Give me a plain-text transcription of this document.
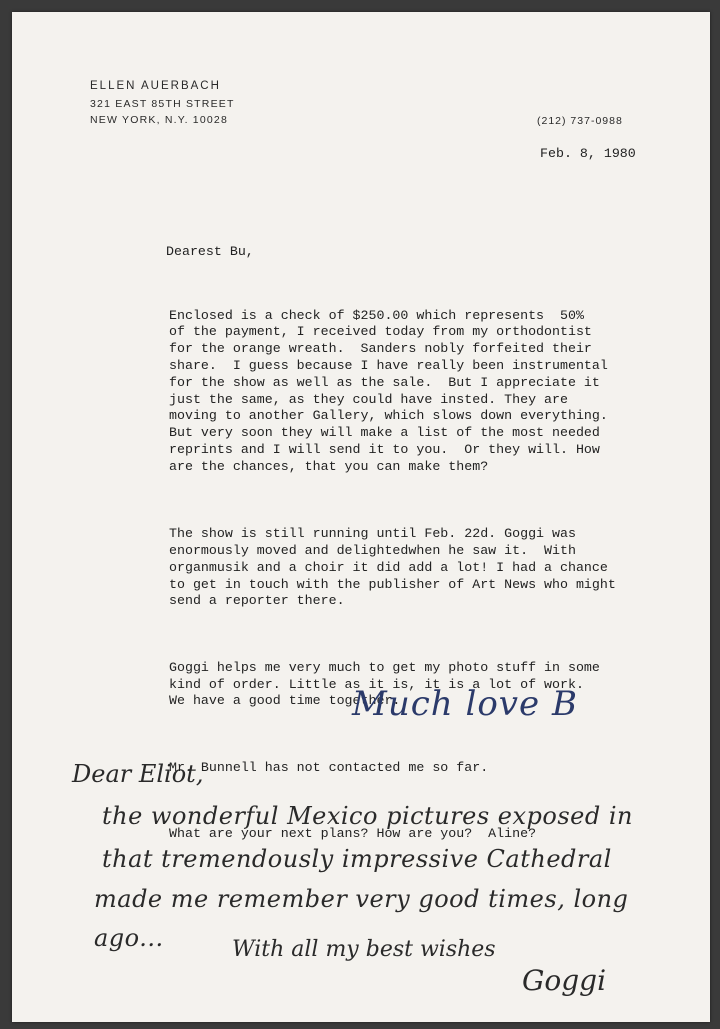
ELLEN AUERBACH
321 EAST 85TH STREET
NEW YORK, N.Y. 10028	(212) 737-0988
Feb. 8, 1980
Dearest Bu,

Enclosed is a check of $250.00 which represents  50%
of the payment, I received today from my orthodontist
for the orange wreath.  Sanders nobly forfeited their
share.  I guess because I have really been instrumental
for the show as well as the sale.  But I appreciate it
just the same, as they could have insted. They are
moving to another Gallery, which slows down everything.
But very soon they will make a list of the most needed
reprints and I will send it to you.  Or they will. How
are the chances, that you can make them?

The show is still running until Feb. 22d. Goggi was
enormously moved and delightedwhen he saw it.  With
organmusik and a choir it did add a lot! I had a chance
to get in touch with the publisher of Art News who might
send a reporter there.

Goggi helps me very much to get my photo stuff in some
kind of order. Little as it is, it is a lot of work.
We have a good time together.

Mr. Bunnell has not contacted me so far.

What are your next plans? How are you?  Aline?

Much love B
Dear Eliot,
the wonderful Mexico pictures exposed in
that tremendously impressive Cathedral
made me remember very good times, long
ago...	With all my best wishes
Goggi
